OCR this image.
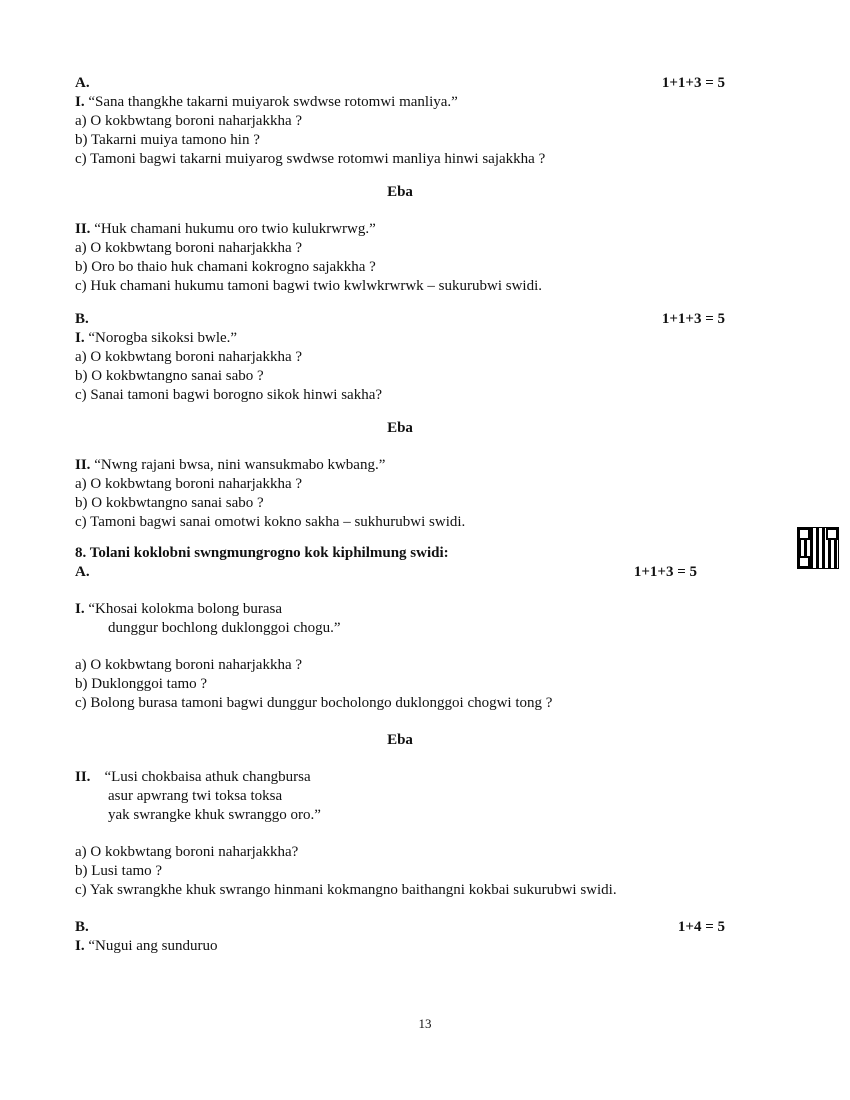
A.	1+1+3 = 5
I. “Sana thangkhe takarni muiyarok swdwse rotomwi manliya.”
a) O kokbwtang boroni naharjakkha ?
b) Takarni muiya tamono hin ?
c) Tamoni bagwi takarni muiyarog swdwse rotomwi manliya hinwi sajakkha ?
Eba
II. “Huk chamani hukumu oro twio kulukrwrwg.”
a) O kokbwtang boroni naharjakkha ?
b) Oro bo thaio huk chamani kokrogno sajakkha ?
c) Huk chamani hukumu tamoni bagwi twio kwlwkrwrwk – sukurubwi swidi.
B.	1+1+3 = 5
I. “Norogba sikoksi bwle.”
a) O kokbwtang boroni naharjakkha ?
b) O kokbwtangno sanai sabo ?
c) Sanai tamoni bagwi borogno sikok hinwi sakha?
Eba
II. “Nwng rajani bwsa, nini wansukmabo kwbang.”
a) O kokbwtang boroni naharjakkha ?
b) O kokbwtangno sanai sabo ?
c) Tamoni bagwi sanai omotwi kokno sakha – sukhurubwi swidi.
8. Tolani koklobni swngmungrogno kok kiphilmung swidi:
A.	1+1+3 = 5
I. “Khosai kolokma bolong burasa
dunggur bochlong duklonggoi chogu.”
a) O kokbwtang boroni naharjakkha ?
b) Duklonggoi tamo ?
c) Bolong burasa tamoni bagwi dunggur bocholongo duklonggoi chogwi tong ?
Eba
II. “Lusi chokbaisa athuk changbursa
asur apwrang twi toksa toksa
yak swrangke khuk swranggo oro.”
a) O kokbwtang boroni naharjakkha?
b) Lusi tamo ?
c) Yak swrangkhe khuk swrango hinmani kokmangno baithangni kokbai sukurubwi swidi.
B.	1+4 = 5
I. “Nugui ang sunduruo
13
